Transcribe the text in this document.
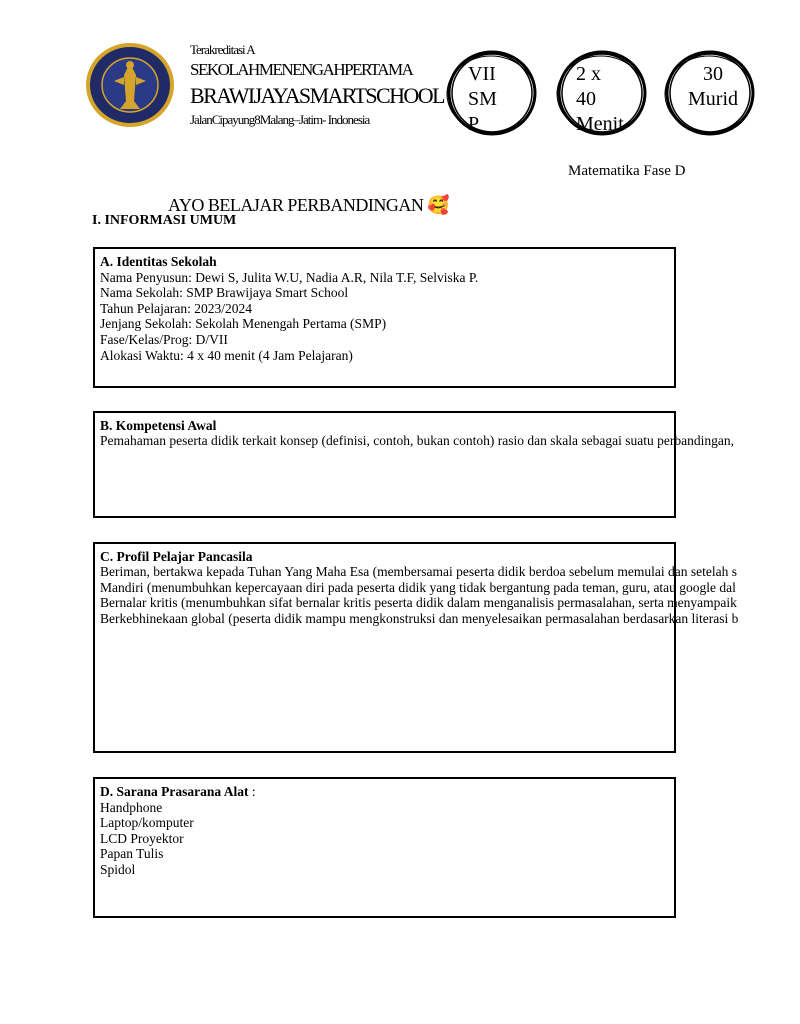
Terakreditasi A
SEKOLAHMENENGAHPERTAMA
BRAWIJAYASMARTSCHOOL
JalanCipayung8Malang–Jatim- Indonesia
VII
SM
P
2 x
40
Menit
30
Murid
Matematika Fase D
AYO BELAJAR PERBANDINGAN 🥰
I. INFORMASI UMUM
A. Identitas Sekolah
Nama Penyusun: Dewi S, Julita W.U, Nadia A.R, Nila T.F, Selviska P.
Nama Sekolah: SMP Brawijaya Smart School
Tahun Pelajaran: 2023/2024
Jenjang Sekolah: Sekolah Menengah Pertama (SMP)
Fase/Kelas/Prog: D/VII
Alokasi Waktu: 4 x 40 menit (4 Jam Pelajaran)
B. Kompetensi Awal
Pemahaman peserta didik terkait konsep (definisi, contoh, bukan contoh) rasio dan skala sebagai suatu perbandingan,
C. Profil Pelajar Pancasila
Beriman, bertakwa kepada Tuhan Yang Maha Esa (membersamai peserta didik berdoa sebelum memulai dan setelah s
Mandiri (menumbuhkan kepercayaan diri pada peserta didik yang tidak bergantung pada teman, guru, atau google dal
Bernalar kritis (menumbuhkan sifat bernalar kritis peserta didik dalam menganalisis permasalahan, serta menyampaik
Berkebhinekaan global (peserta didik mampu mengkonstruksi dan menyelesaikan permasalahan berdasarkan literasi b
D. Sarana Prasarana Alat :
Handphone
Laptop/komputer
LCD Proyektor
Papan Tulis
Spidol
